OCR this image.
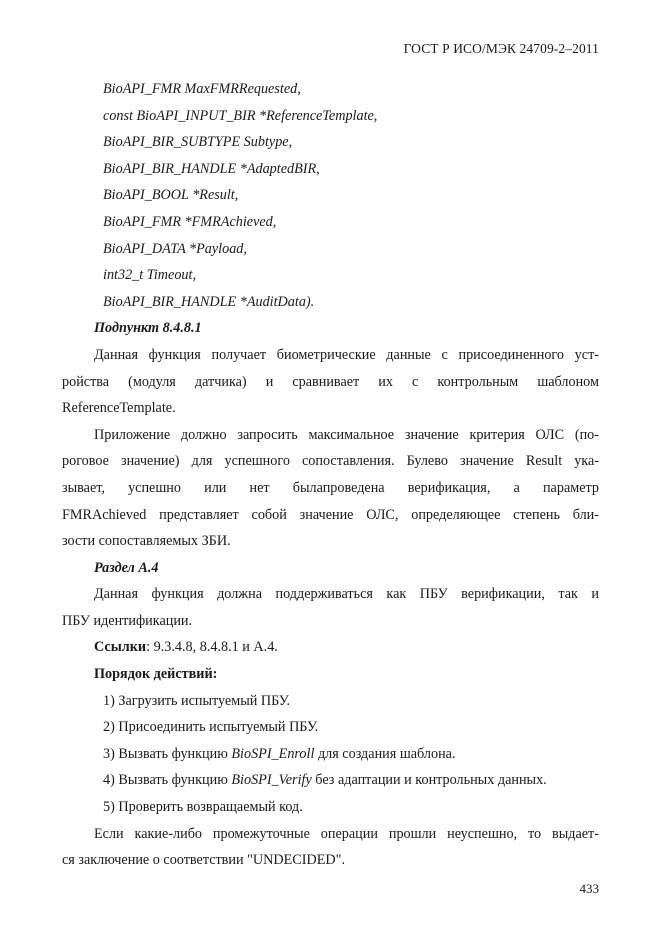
ГОСТ Р ИСО/МЭК 24709-2–2011
BioAPI_FMR MaxFMRRequested,
const BioAPI_INPUT_BIR *ReferenceTemplate,
BioAPI_BIR_SUBTYPE Subtype,
BioAPI_BIR_HANDLE *AdaptedBIR,
BioAPI_BOOL *Result,
BioAPI_FMR *FMRAchieved,
BioAPI_DATA *Payload,
int32_t Timeout,
BioAPI_BIR_HANDLE *AuditData).
Подпункт 8.4.8.1
Данная функция получает биометрические данные с присоединенного уст-
ройства (модуля датчика) и сравнивает их с контрольным шаблоном
ReferenceTemplate.
Приложение должно запросить максимальное значение критерия ОЛС (по-
роговое значение) для успешного сопоставления. Булево значение Result ука-
зывает, успешно или нет былапроведена верификация, а параметр
FMRAchieved представляет собой значение ОЛС, определяющее степень бли-
зости сопоставляемых ЗБИ.
Раздел А.4
Данная функция должна поддерживаться как ПБУ верификации, так и
ПБУ идентификации.
Ссылки: 9.3.4.8, 8.4.8.1 и А.4.
Порядок действий:
1) Загрузить испытуемый ПБУ.
2) Присоединить испытуемый ПБУ.
3) Вызвать функцию BioSPI_Enroll для создания шаблона.
4) Вызвать функцию BioSPI_Verify без адаптации и контрольных данных.
5) Проверить возвращаемый код.
Если какие-либо промежуточные операции прошли неуспешно, то выдает-
ся заключение о соответствии "UNDECIDED".
433
